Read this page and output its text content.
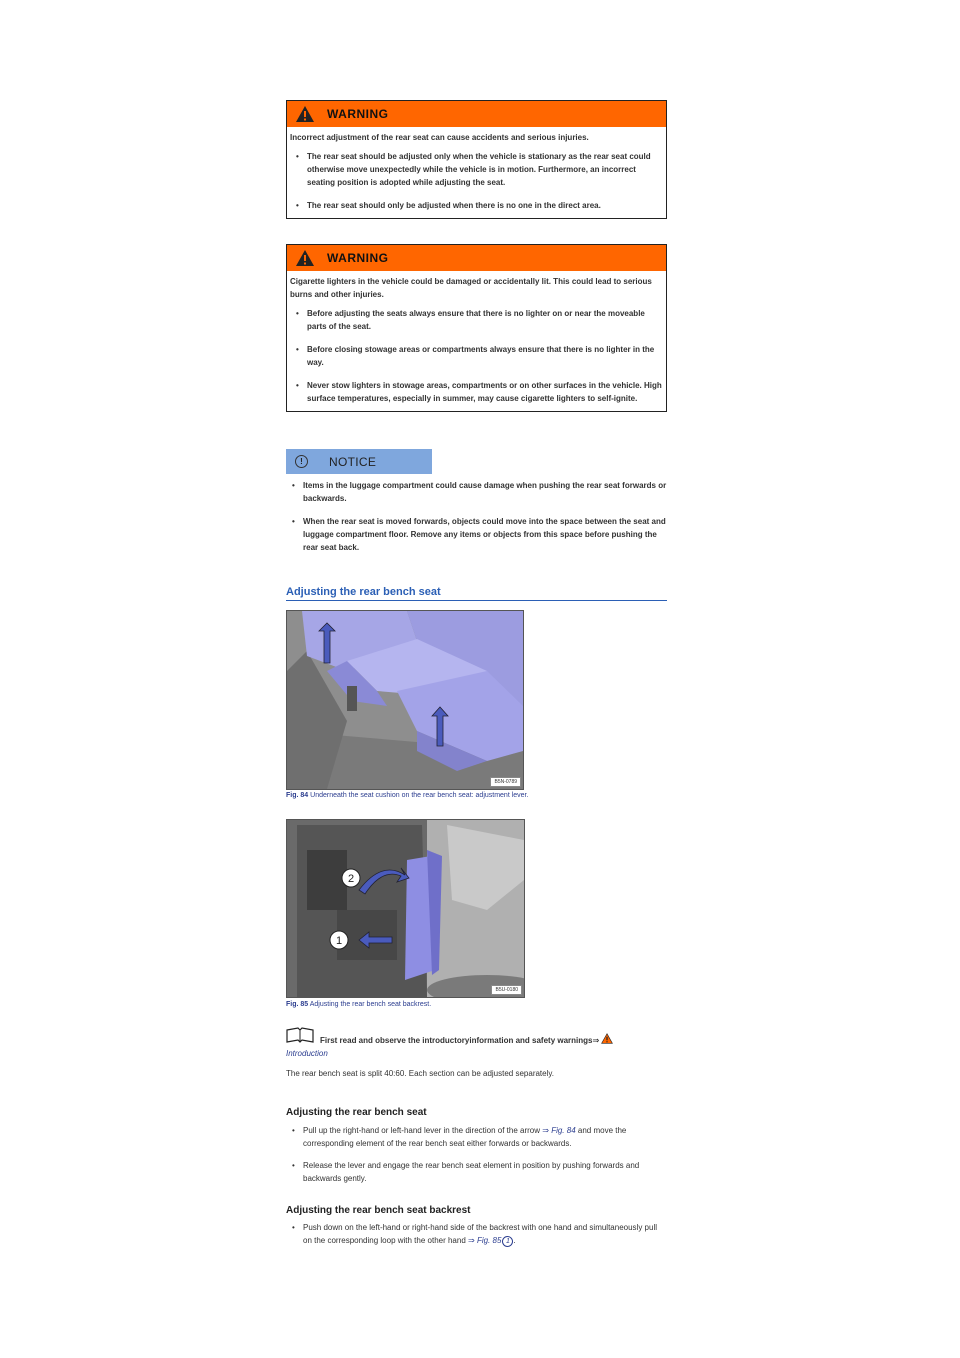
WARNING

Incorrect adjustment of the rear seat can cause accidents and serious injuries.

• The rear seat should be adjusted only when the vehicle is stationary as the rear seat could otherwise move unexpectedly while the vehicle is in motion. Furthermore, an incorrect seating position is adopted while adjusting the seat.
• The rear seat should only be adjusted when there is no one in the direct area.
WARNING

Cigarette lighters in the vehicle could be damaged or accidentally lit. This could lead to serious burns and other injuries.

• Before adjusting the seats always ensure that there is no lighter on or near the moveable parts of the seat.
• Before closing stowage areas or compartments always ensure that there is no lighter in the way.
• Never stow lighters in stowage areas, compartments or on other surfaces in the vehicle. High surface temperatures, especially in summer, may cause cigarette lighters to self-ignite.
!	NOTICE
• Items in the luggage compartment could cause damage when pushing the rear seat forwards or backwards.
• When the rear seat is moved forwards, objects could move into the space between the seat and luggage compartment floor. Remove any items or objects from this space before pushing the rear seat back.
Adjusting the rear bench seat
B5N-0789
Fig. 84 Underneath the seat cushion on the rear bench seat: adjustment lever.
2
1
B5U-0180
Fig. 85 Adjusting the rear bench seat backrest.
First read and observe the introductoryinformation and safety warnings⇒
Introduction
The rear bench seat is split 40:60. Each section can be adjusted separately.
Adjusting the rear bench seat
• Pull up the right-hand or left-hand lever in the direction of the arrow ⇒ Fig. 84 and move the corresponding element of the rear bench seat either forwards or backwards.
• Release the lever and engage the rear bench seat element in position by pushing forwards and backwards gently.
Adjusting the rear bench seat backrest
• Push down on the left-hand or right-hand side of the backrest with one hand and simultaneously pull on the corresponding loop with the other hand ⇒ Fig. 85 1 .
